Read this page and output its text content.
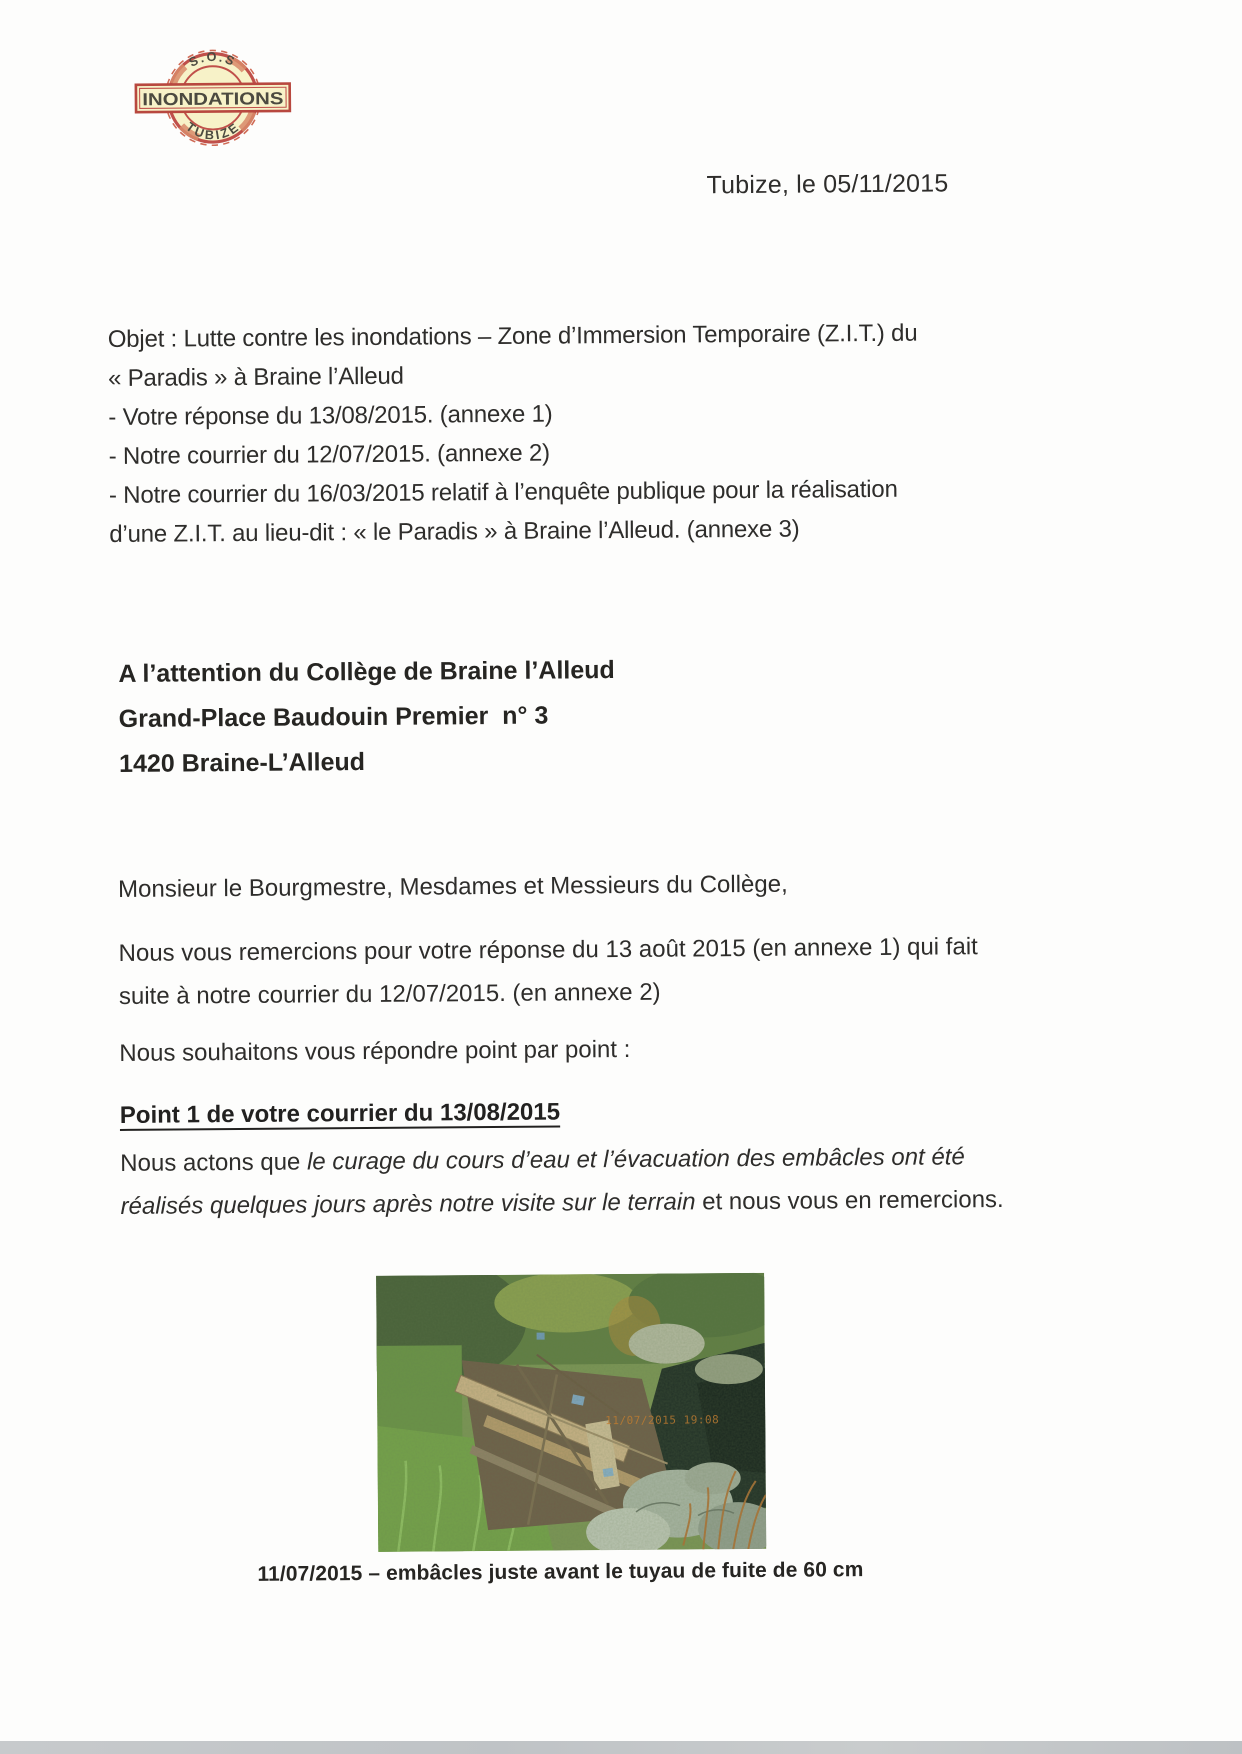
S.O.S
INONDATIONS
TUBIZE
Tubize, le 05/11/2015
Objet : Lutte contre les inondations – Zone d’Immersion Temporaire (Z.I.T.) du
« Paradis » à Braine l’Alleud
- Votre réponse du 13/08/2015. (annexe 1)
- Notre courrier du 12/07/2015. (annexe 2)
- Notre courrier du 16/03/2015 relatif à l’enquête publique pour la réalisation
d’une Z.I.T. au lieu-dit : « le Paradis » à Braine l’Alleud. (annexe 3)
A l’attention du Collège de Braine l’Alleud
Grand-Place Baudouin Premier  n° 3
1420 Braine-L’Alleud
Monsieur le Bourgmestre, Mesdames et Messieurs du Collège,
Nous vous remercions pour votre réponse du 13 août 2015 (en annexe 1) qui fait suite à notre courrier du 12/07/2015. (en annexe 2)
Nous souhaitons vous répondre point par point :
Point 1 de votre courrier du 13/08/2015
Nous actons que le curage du cours d’eau et l’évacuation des embâcles ont été réalisés quelques jours après notre visite sur le terrain et nous vous en remercions.
11/07/2015 19:08
11/07/2015 – embâcles juste avant le tuyau de fuite de 60 cm
